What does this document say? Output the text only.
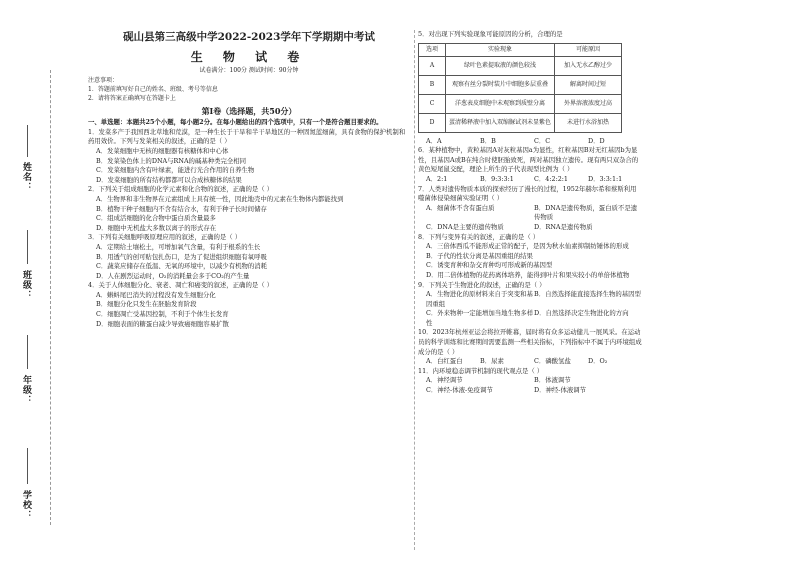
姓名：
班级：
年级：
学校：
砚山县第三高级中学2022-2023学年下学期期中考试
生 物 试 卷
试卷满分：100分 测试时间：90分钟
注意事项：
1．答题前填写好自己的姓名、班级、考号等信息
2．请将答案正确填写在答题卡上
第Ⅰ卷（选择题，共50分）
一、单选题：本题共25个小题，每小题2分。在每小题给出的四个选项中，只有一个是符合题目要求的。
1．发菜多产于我国西北草地和荒漠，是一种生长于干旱和半干旱地区的一种固氮蓝细菌，具有食物的保护机制和药用效价。下列与发菜相关的叙述，正确的是（ ）
A．发菜细胞中无核的细胞器有核糖体和中心体
B．发菜染色体上的DNA与RNA的碱基种类完全相同
C．发菜细胞内含有叶绿素，能进行光合作用的自养生物
D．发菜细胞的所有结构都都可以合成核糖体的结果
2．下列关于组成细胞的化学元素和化合物的叙述，正确的是（ ）
A．生物界和非生物界在元素组成上具有统一性，因此地壳中的元素在生物体内都能找到
B．植物干种子细胞内不含有结合水，有利于种子长时间储存
C．组成活细胞的化合物中蛋白质含量最多
D．细胞中无机盐大多数以离子的形式存在
3．下列有关细胞呼吸原理应用的叙述，正确的是（ ）
A．定期给土壤松土，可增加氧气含量，有利于根系的生长
B．用透气的创可贴包扎伤口，是为了促进组织细胞有氧呼吸
C．蔬菜应储存在低温、无氧的环境中，以减少有机物的消耗
D．人在剧烈运动时，O₂的消耗量会多于CO₂的产生量
4．关于人体细胞分化、衰老、凋亡和癌变的叙述，正确的是（ ）
A．蝌蚪尾巴消失的过程没有发生细胞分化
B．细胞分化只发生在胚胎发育阶段
C．细胞凋亡受基因控制，不利于个体生长发育
D．细胞表面的糖蛋白减少导致癌细胞容易扩散
5．对出现下列实验现象可能原因的分析，合理的是
选项	实验现象	可能原因
A	绿叶色素提取液的颜色较浅	加入无水乙醇过少
B	观察有丝分裂时装片中细胞多层重叠	解离时间过短
C	洋葱表皮细胞中未观察到质壁分离	外界溶液浓度过高
D	蛋清稀释液中加入双缩脲试剂未显紫色	未进行水浴加热
A．A	B．B	C．C	D．D
6．某种植物中，黄粒基因A对灰粒基因a为显性，红粒基因B对无红基因b为显性，且基因A或B在纯合时使胚胎致死，两对基因独立遗传。现有两只双杂合的黄色短尾鼠交配，理论上所生的子代表现型比例为（ ）
A．2:1	B．9:3:3:1	C．4:2:2:1	D．3:3:1:1
7．人类对遗传物质本质的探索经历了漫长的过程，1952年赫尔希和蔡斯利用噬菌体侵染细菌实验证明（ ）
A．细菌体不含有蛋白质	B．DNA是遗传物质，蛋白质不是遗传物质
C．DNA是主要的遗传物质	D．RNA是遗传物质
8．下列与变异有关的叙述，正确的是（ ）
A．三倍体西瓜不能形成正常的配子，是因为秋水仙素抑制纺锤体的形成
B．子代的性状分离是基因重组的结果
C．诱变育种和杂交育种均可形成新的基因型
D．用二倍体植物的花药离体培养，能得到叶片和果实较小的单倍体植物
9．下列关于生物进化的叙述，正确的是（ ）
A．生物进化的原材料来自于突变和基因重组
B．自然选择能直接选择生物的基因型
C．外来物种一定能增加当地生物多样性
D．自然选择决定生物进化的方向
10．2023年杭州亚运会将拉开帷幕，届时将有众多运动健儿一展风采。在运动员的科学训练和比赛期间需要监测一些相关指标，下列指标中不属于内环境组成成分的是（ ）
A．白红蛋白	B．尿素	C．磷酸氢盐	D．O₂
11．内环境稳态调节机制的现代观点是（ ）
A．神经调节	B．体液调节
C．神经-体液-免疫调节	D．神经-体液调节
